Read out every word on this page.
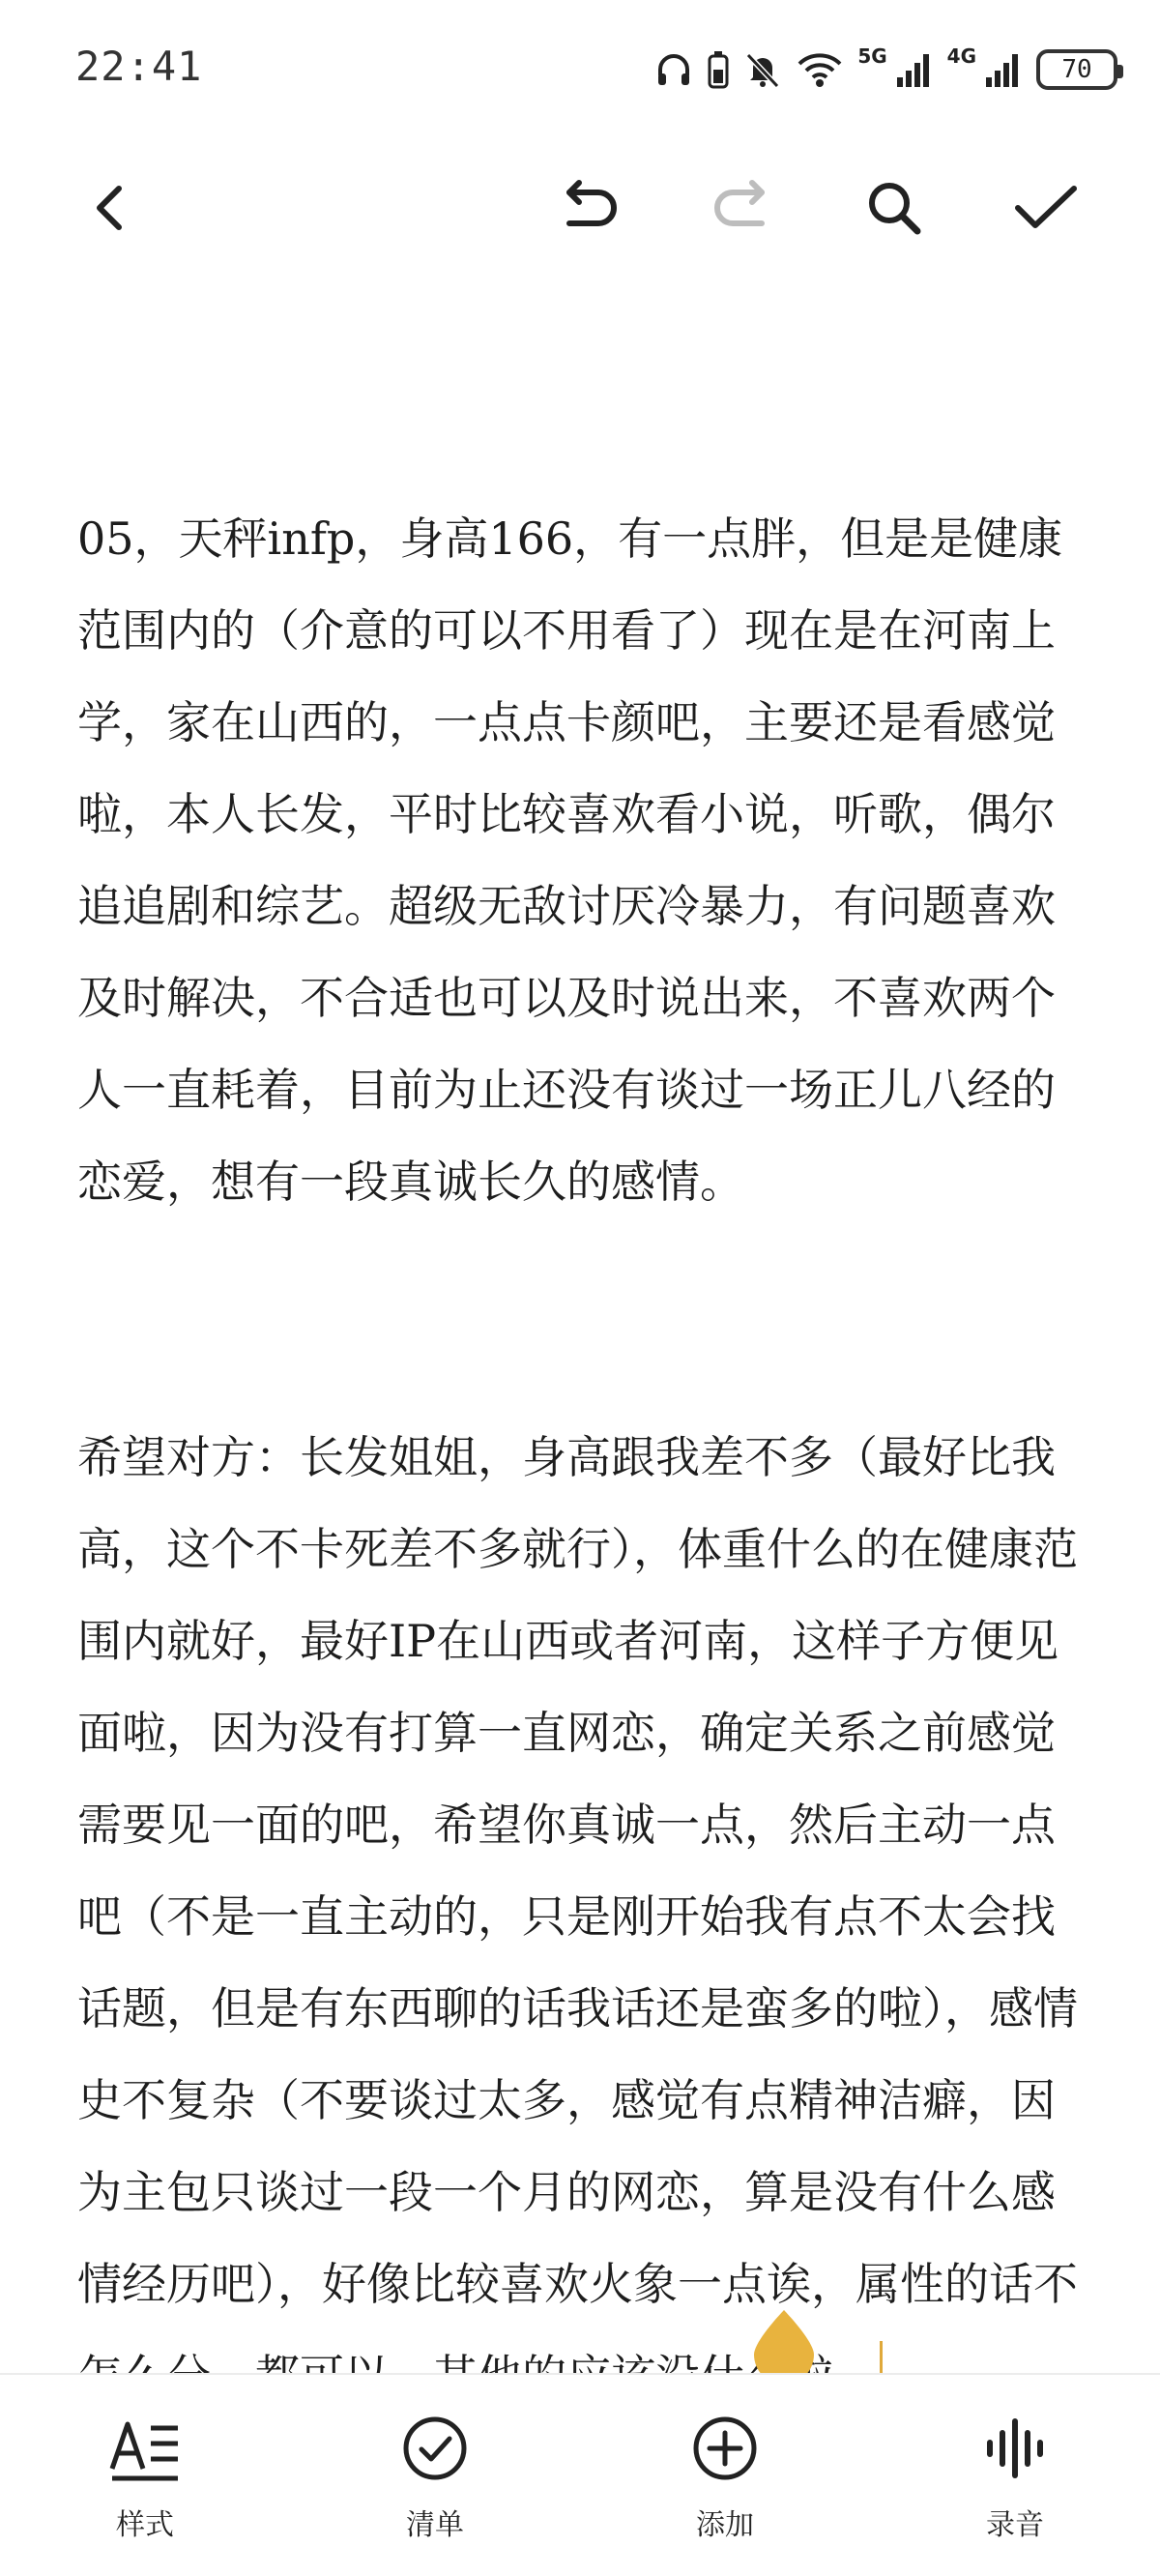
22:41	5G	4G	70

05，天秤infp，身高166，有一点胖，但是是健康范围内的（介意的可以不用看了）现在是在河南上学，家在山西的，一点点卡颜吧，主要还是看感觉啦，本人长发，平时比较喜欢看小说，听歌，偶尔追追剧和综艺。超级无敌讨厌冷暴力，有问题喜欢及时解决，不合适也可以及时说出来，不喜欢两个人一直耗着，目前为止还没有谈过一场正儿八经的恋爱，想有一段真诚长久的感情。

希望对方：长发姐姐，身高跟我差不多（最好比我高，这个不卡死差不多就行），体重什么的在健康范围内就好，最好IP在山西或者河南，这样子方便见面啦，因为没有打算一直网恋，确定关系之前感觉需要见一面的吧，希望你真诚一点，然后主动一点吧（不是一直主动的，只是刚开始我有点不太会找话题，但是有东西聊的话我话还是蛮多的啦），感情史不复杂（不要谈过太多，感觉有点精神洁癖，因为主包只谈过一段一个月的网恋，算是没有什么感情经历吧），好像比较喜欢火象一点诶，属性的话不

样式	清单	添加	录音
